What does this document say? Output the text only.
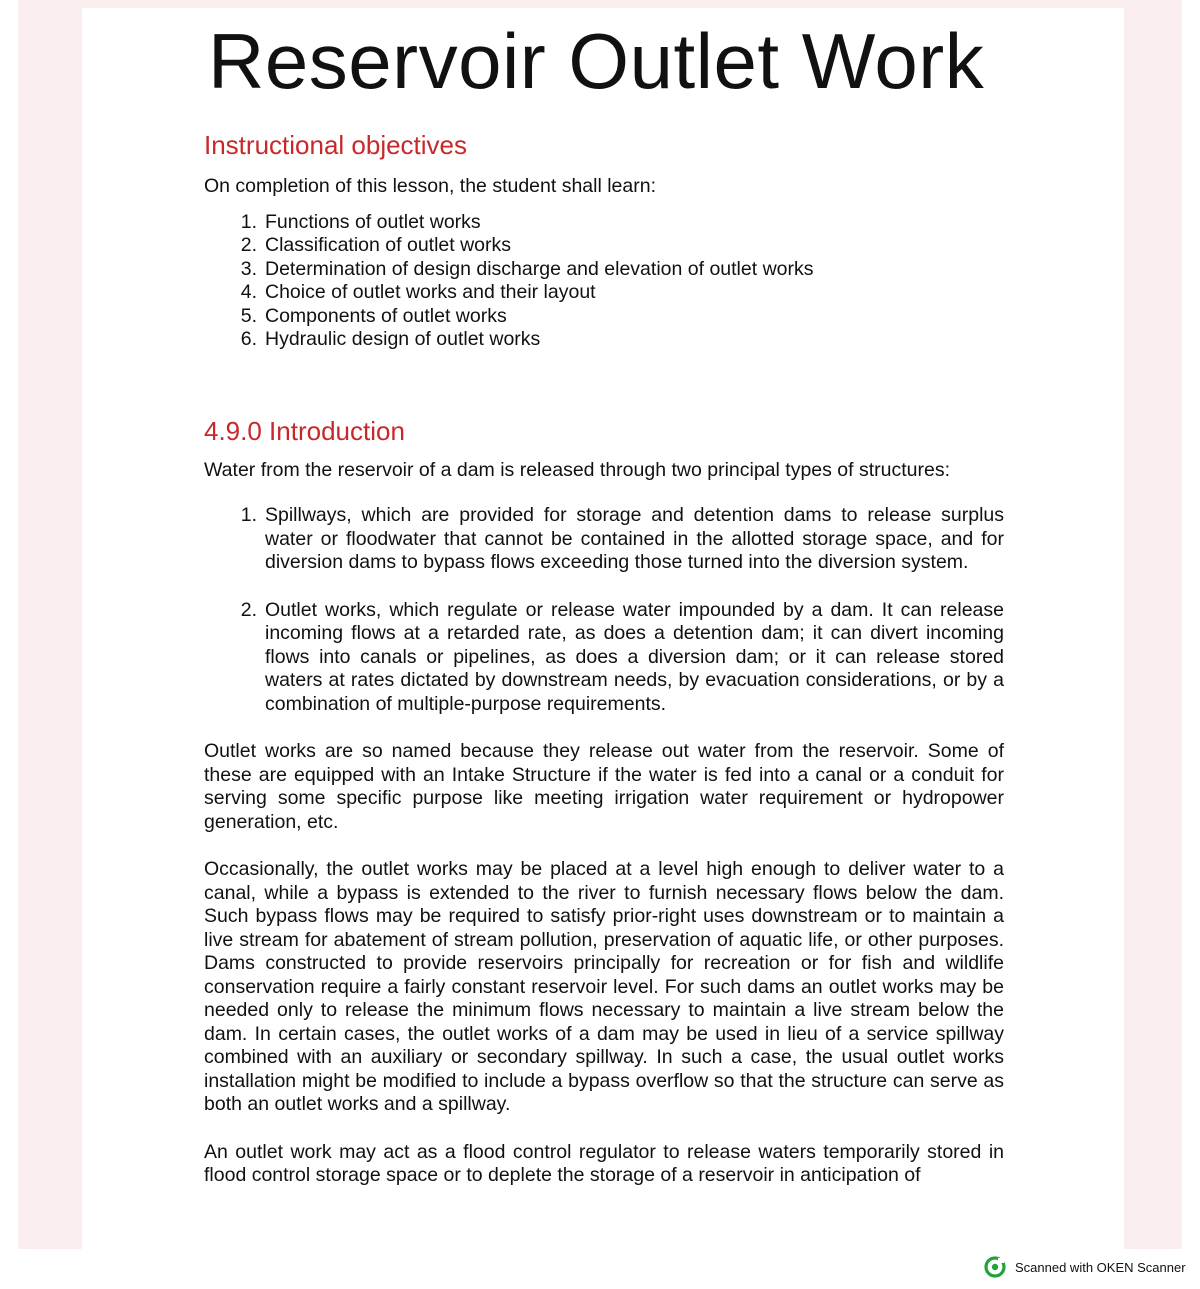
Reservoir Outlet Work
Instructional objectives

On completion of this lesson, the student shall learn:

1. Functions of outlet works
2. Classification of outlet works
3. Determination of design discharge and elevation of outlet works
4. Choice of outlet works and their layout
5. Components of outlet works
6. Hydraulic design of outlet works
4.9.0 Introduction

Water from the reservoir of a dam is released through two principal types of structures:

1. Spillways, which are provided for storage and detention dams to release surplus water or floodwater that cannot be contained in the allotted storage space, and for diversion dams to bypass flows exceeding those turned into the diversion system.
2. Outlet works, which regulate or release water impounded by a dam. It can release incoming flows at a retarded rate, as does a detention dam; it can divert incoming flows into canals or pipelines, as does a diversion dam; or it can release stored waters at rates dictated by downstream needs, by evacuation considerations, or by a combination of multiple-purpose requirements.

Outlet works are so named because they release out water from the reservoir. Some of these are equipped with an Intake Structure if the water is fed into a canal or a conduit for serving some specific purpose like meeting irrigation water requirement or hydropower generation, etc.

Occasionally, the outlet works may be placed at a level high enough to deliver water to a canal, while a bypass is extended to the river to furnish necessary flows below the dam. Such bypass flows may be required to satisfy prior-right uses downstream or to maintain a live stream for abatement of stream pollution, preservation of aquatic life, or other purposes. Dams constructed to provide reservoirs principally for recreation or for fish and wildlife conservation require a fairly constant reservoir level. For such dams an outlet works may be needed only to release the minimum flows necessary to maintain a live stream below the dam. In certain cases, the outlet works of a dam may be used in lieu of a service spillway combined with an auxiliary or secondary spillway. In such a case, the usual outlet works installation might be modified to include a bypass overflow so that the structure can serve as both an outlet works and a spillway.

An outlet work may act as a flood control regulator to release waters temporarily stored in flood control storage space or to deplete the storage of a reservoir in anticipation of

Scanned with OKEN Scanner
